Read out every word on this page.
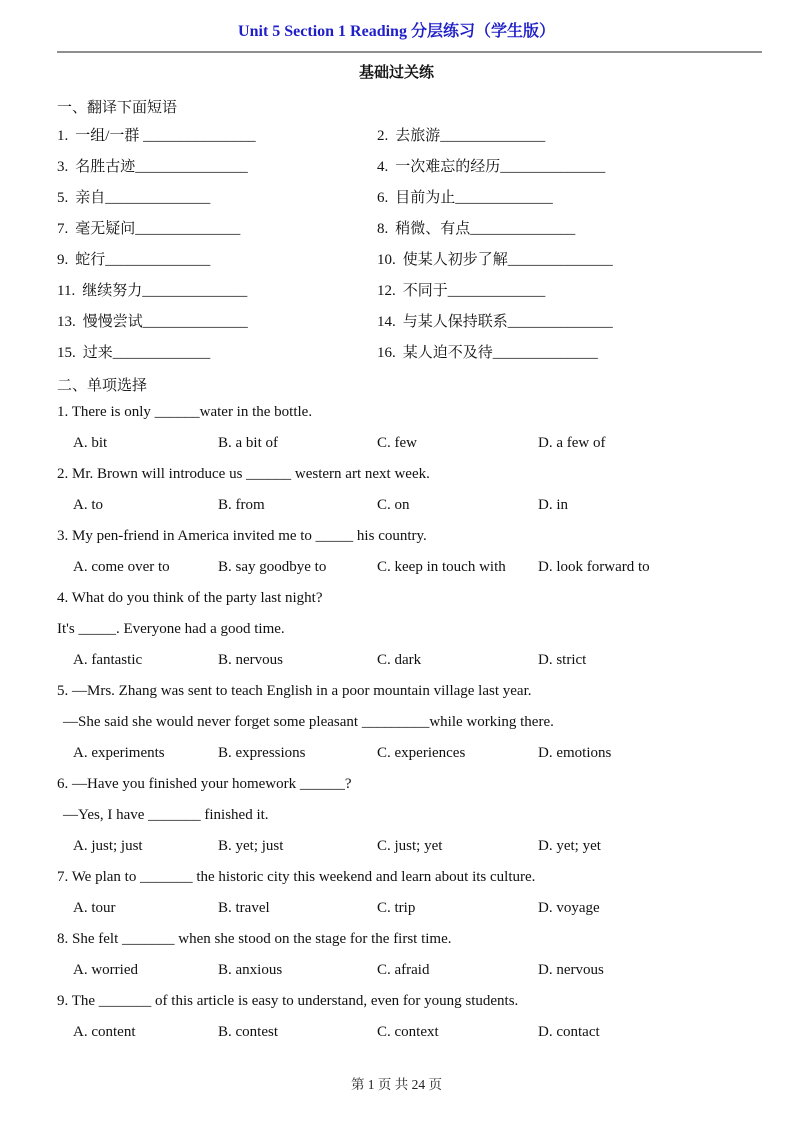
Unit 5 Section 1 Reading 分层练习（学生版）
基础过关练
一、翻译下面短语
1. 一组/一群 _______________	2. 去旅游______________
3. 名胜古迹_______________	4. 一次难忘的经历______________
5. 亲自______________	6. 目前为止_____________
7. 毫无疑问______________	8. 稍微、有点______________
9. 蛇行______________	10. 使某人初步了解______________
11. 继续努力______________	12. 不同于_____________
13. 慢慢尝试______________	14. 与某人保持联系______________
15. 过来_____________	16. 某人迫不及待______________
二、单项选择
1. There is only ______water in the bottle.
A. bit	B. a bit of	C. few	D. a few of
2. Mr. Brown will introduce us ______ western art next week.
A. to	B. from	C. on	D. in
3. My pen-friend in America invited me to _____ his country.
A. come over to	B. say goodbye to	C. keep in touch with	D. look forward to
4. What do you think of the party last night?
It's _____. Everyone had a good time.
A. fantastic	B. nervous	C. dark	D. strict
5. —Mrs. Zhang was sent to teach English in a poor mountain village last year.
—She said she would never forget some pleasant _________while working there.
A. experiments	B. expressions	C. experiences	D. emotions
6. —Have you finished your homework ______?
—Yes, I have _______ finished it.
A. just; just	B. yet; just	C. just; yet	D. yet; yet
7. We plan to _______ the historic city this weekend and learn about its culture.
A. tour	B. travel	C. trip	D. voyage
8. She felt _______ when she stood on the stage for the first time.
A. worried	B. anxious	C. afraid	D. nervous
9. The _______ of this article is easy to understand, even for young students.
A. content	B. contest	C. context	D. contact
第 1 页 共 24 页
